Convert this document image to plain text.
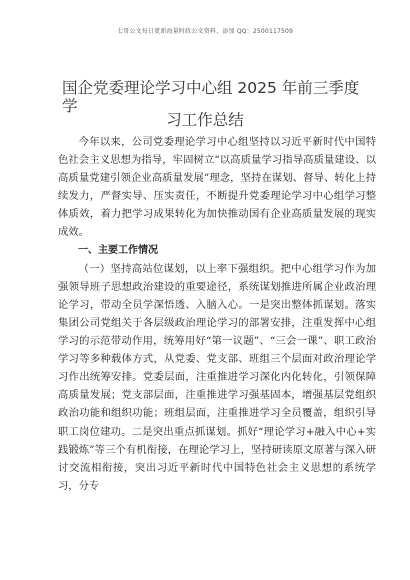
七哥公文每日更新海量时政公文资料，添加 QQ：2500117509
国企党委理论学习中心组 2025 年前三季度
学
习工作总结

今年以来，公司党委理论学习中心组坚持以习近平新时代中国特色社会主义思想为指导，牢固树立“以高质量学习指导高质量建设、以高质量党建引领企业高质量发展”理念，坚持在谋划、督导、转化上持续发力，严督实导、压实责任，不断提升党委理论学习中心组学习整体质效，着力把学习成果转化为加快推动国有企业高质量发展的现实成效。

一、主要工作情况

（一）坚持高站位谋划，以上率下强组织。把中心组学习作为加强领导班子思想政治建设的重要途径，系统谋划推进所属企业政治理论学习，带动全员学深悟透、入脑入心。一是突出整体抓谋划。落实集团公司党组关于各层级政治理论学习的部署安排，注重发挥中心组学习的示范带动作用，统筹用好“第一议题”、“三会一课”、职工政治学习等多种载体方式，从党委、党支部、班组三个层面对政治理论学习作出统筹安排。党委层面，注重推进学习深化内化转化，引领保障高质量发展；党支部层面，注重推进学习强基固本，增强基层党组织政治功能和组织功能；班组层面，注重推进学习全员覆盖，组织引导职工岗位建功。二是突出重点抓谋划。抓好“理论学习+融入中心+实践锻炼”等三个有机衔接，在理论学习上，坚持研读原文原著与深入研讨交流相衔接，突出习近平新时代中国特色社会主义思想的系统学习，分专
